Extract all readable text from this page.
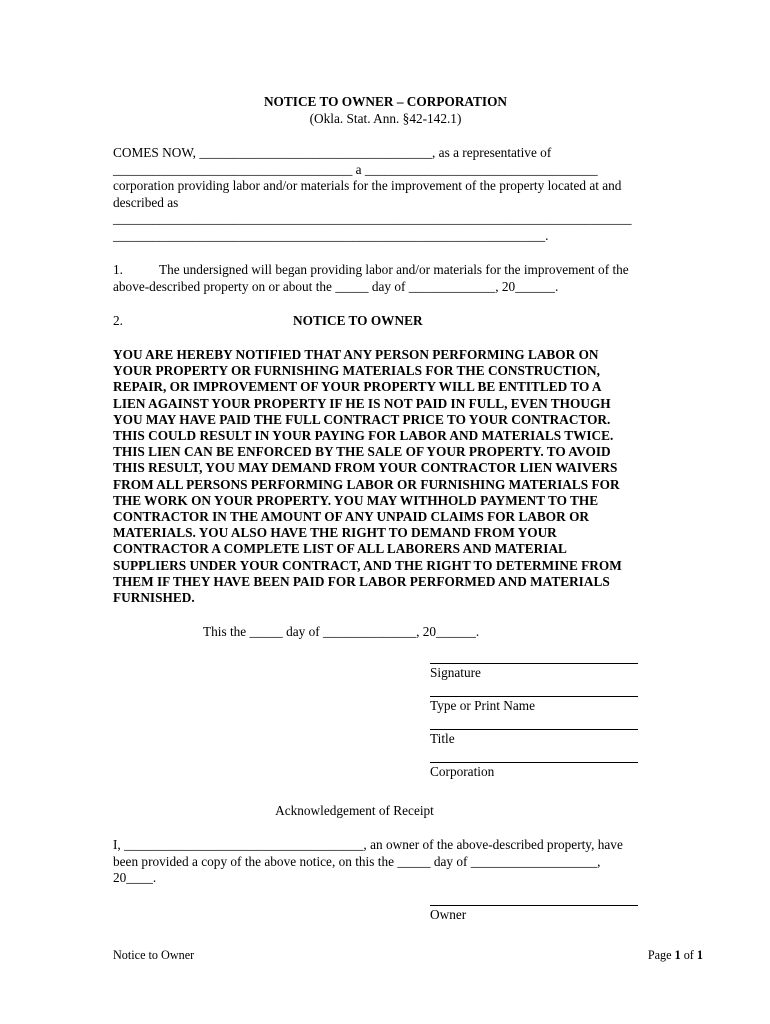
NOTICE TO OWNER – CORPORATION

(Okla. Stat. Ann. §42-142.1)

COMES NOW, ___________________________________, as a representative of

____________________________________ a ___________________________________

corporation providing labor and/or materials for the improvement of the property located at and

described as

______________________________________________________________________________

_________________________________________________________________.

1.	The undersigned will began providing labor and/or materials for the improvement of the

above-described property on or about the _____ day of _____________, 20______.

2.	NOTICE TO OWNER

YOU ARE HEREBY NOTIFIED THAT ANY PERSON PERFORMING LABOR ON

YOUR PROPERTY OR FURNISHING MATERIALS FOR THE CONSTRUCTION,

REPAIR, OR IMPROVEMENT OF YOUR PROPERTY WILL BE ENTITLED TO A

LIEN AGAINST YOUR PROPERTY IF HE IS NOT PAID IN FULL, EVEN THOUGH

YOU MAY HAVE PAID THE FULL CONTRACT PRICE TO YOUR CONTRACTOR.

THIS COULD RESULT IN YOUR PAYING FOR LABOR AND MATERIALS TWICE.

THIS LIEN CAN BE ENFORCED BY THE SALE OF YOUR PROPERTY. TO AVOID

THIS RESULT, YOU MAY DEMAND FROM YOUR CONTRACTOR LIEN WAIVERS

FROM ALL PERSONS PERFORMING LABOR OR FURNISHING MATERIALS FOR

THE WORK ON YOUR PROPERTY. YOU MAY WITHHOLD PAYMENT TO THE

CONTRACTOR IN THE AMOUNT OF ANY UNPAID CLAIMS FOR LABOR OR

MATERIALS. YOU ALSO HAVE THE RIGHT TO DEMAND FROM YOUR

CONTRACTOR A COMPLETE LIST OF ALL LABORERS AND MATERIAL

SUPPLIERS UNDER YOUR CONTRACT, AND THE RIGHT TO DETERMINE FROM

THEM IF THEY HAVE BEEN PAID FOR LABOR PERFORMED AND MATERIALS

FURNISHED.

This the _____ day of ______________, 20______.

Signature
Type or Print Name
Title
Corporation

Acknowledgement of Receipt

I, ____________________________________, an owner of the above-described property, have

been provided a copy of the above notice, on this the _____ day of ___________________,

20____.

Owner
Notice to Owner	Page 1 of 1
